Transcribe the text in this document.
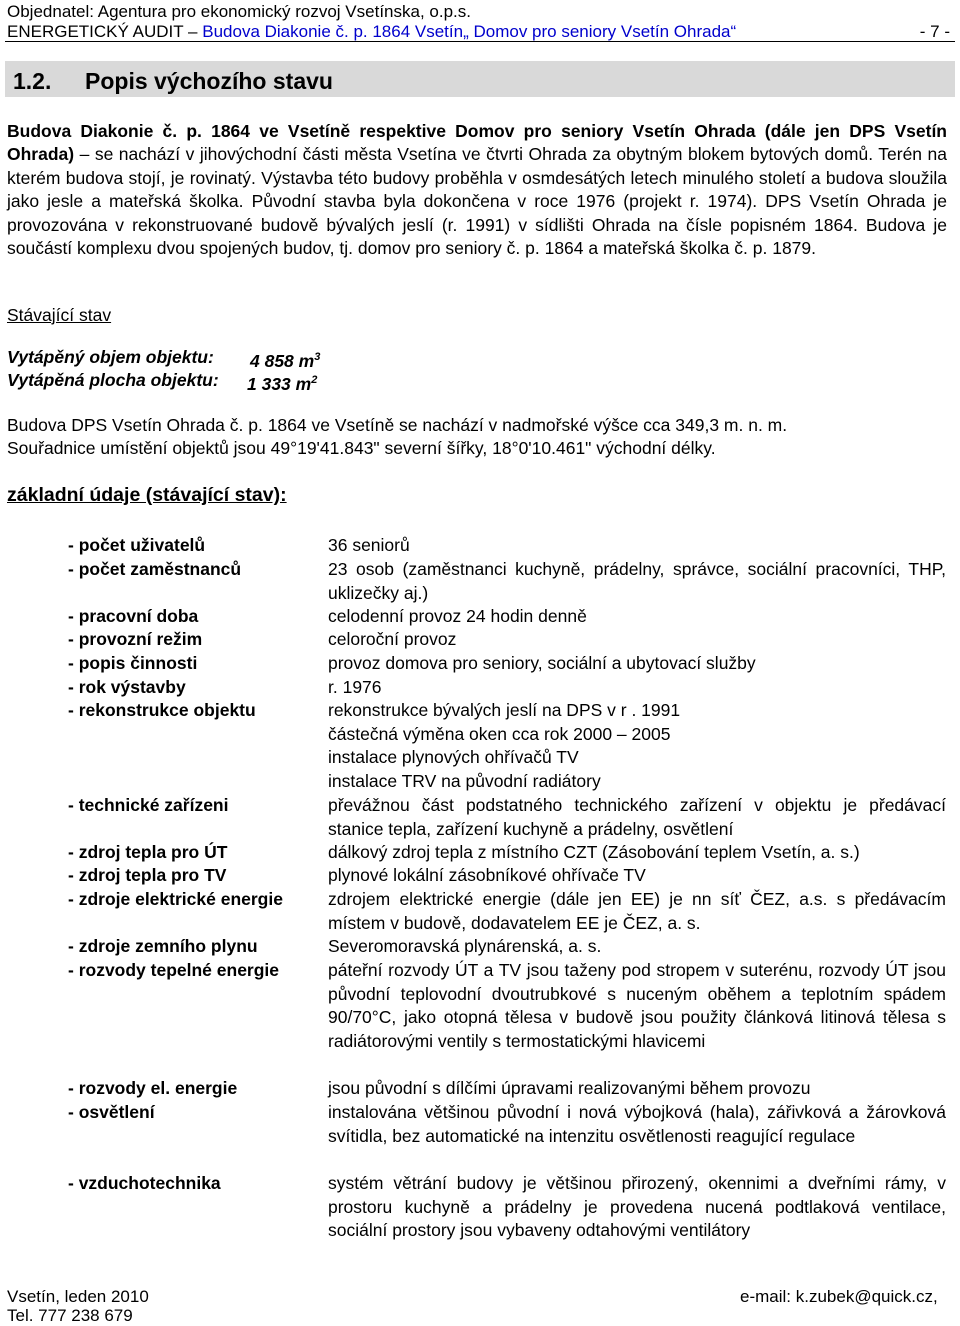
Objednatel: Agentura pro ekonomický rozvoj Vsetínska, o.p.s.
ENERGETICKÝ AUDIT – Budova Diakonie č. p. 1864 Vsetín„ Domov pro seniory Vsetín Ohrada“	- 7 -
1.2. Popis výchozího stavu
Budova Diakonie č. p. 1864 ve Vsetíně respektive Domov pro seniory Vsetín Ohrada (dále jen DPS Vsetín Ohrada) – se nachází v jihovýchodní části města Vsetína ve čtvrti Ohrada za obytným blokem bytových domů. Terén na kterém budova stojí, je rovinatý. Výstavba této budovy proběhla v osmdesátých letech minulého století a budova sloužila jako jesle a mateřská školka. Původní stavba byla dokončena v roce 1976 (projekt r. 1974). DPS Vsetín Ohrada je provozována v rekonstruované budově bývalých jeslí (r. 1991) v sídlišti Ohrada na čísle popisném 1864. Budova je součástí komplexu dvou spojených budov, tj. domov pro seniory č. p. 1864 a mateřská školka č. p. 1879.
Stávající stav
Vytápěný objem objektu: 4 858 $m^3$
Vytápěná plocha objektu: 1 333 $m^2$
Budova DPS Vsetín Ohrada č. p. 1864 ve Vsetíně se nachází v nadmořské výšce cca 349,3 m. n. m.
Souřadnice umístění objektů jsou 49°19'41.843" severní šířky, 18°0'10.461" východní délky.
základní údaje (stávající stav):
- počet uživatelů	36 seniorů
- počet zaměstnanců	23 osob (zaměstnanci kuchyně, prádelny, správce, sociální pracovníci, THP, uklizečky aj.)
- pracovní doba	celodenní provoz 24 hodin denně
- provozní režim	celoroční provoz
- popis činnosti	provoz domova pro seniory, sociální a ubytovací služby
- rok výstavby	r. 1976
- rekonstrukce objektu	rekonstrukce bývalých jeslí na DPS v r . 1991
částečná výměna oken cca rok 2000 – 2005
instalace plynových ohřívačů TV
instalace TRV na původní radiátory
- technické zařízeni	převážnou část podstatného technického zařízení v objektu je předávací stanice tepla, zařízení kuchyně a prádelny, osvětlení
- zdroj tepla pro ÚT	dálkový zdroj tepla z místního CZT (Zásobování teplem Vsetín, a. s.)
- zdroj tepla pro TV	plynové lokální zásobníkové ohřívače TV
- zdroje elektrické energie	zdrojem elektrické energie (dále jen EE) je nn síť ČEZ, a.s. s předávacím místem v budově, dodavatelem EE je ČEZ, a. s.
- zdroje zemního plynu	Severomoravská plynárenská, a. s.
- rozvody tepelné energie	páteřní rozvody ÚT a TV jsou taženy pod stropem v suterénu, rozvody ÚT jsou původní teplovodní dvoutrubkové s nuceným oběhem a teplotním spádem 90/70°C, jako otopná tělesa v budově jsou použity článková litinová tělesa s radiátorovými ventily s termostatickými hlavicemi
- rozvody el. energie	jsou původní s dílčími úpravami realizovanými během provozu
- osvětlení	instalována většinou původní i nová výbojková (hala), zářivková a žárovková svítidla, bez automatické na intenzitu osvětlenosti reagující regulace
- vzduchotechnika	systém větrání budovy je většinou přirozený, okennimi a dveřními rámy, v prostoru kuchyně a prádelny je provedena nucená podtlaková ventilace, sociální prostory jsou vybaveny odtahovými ventilátory
Vsetín, leden 2010
Tel. 777 238 679
e-mail: k.zubek@quick.cz,
